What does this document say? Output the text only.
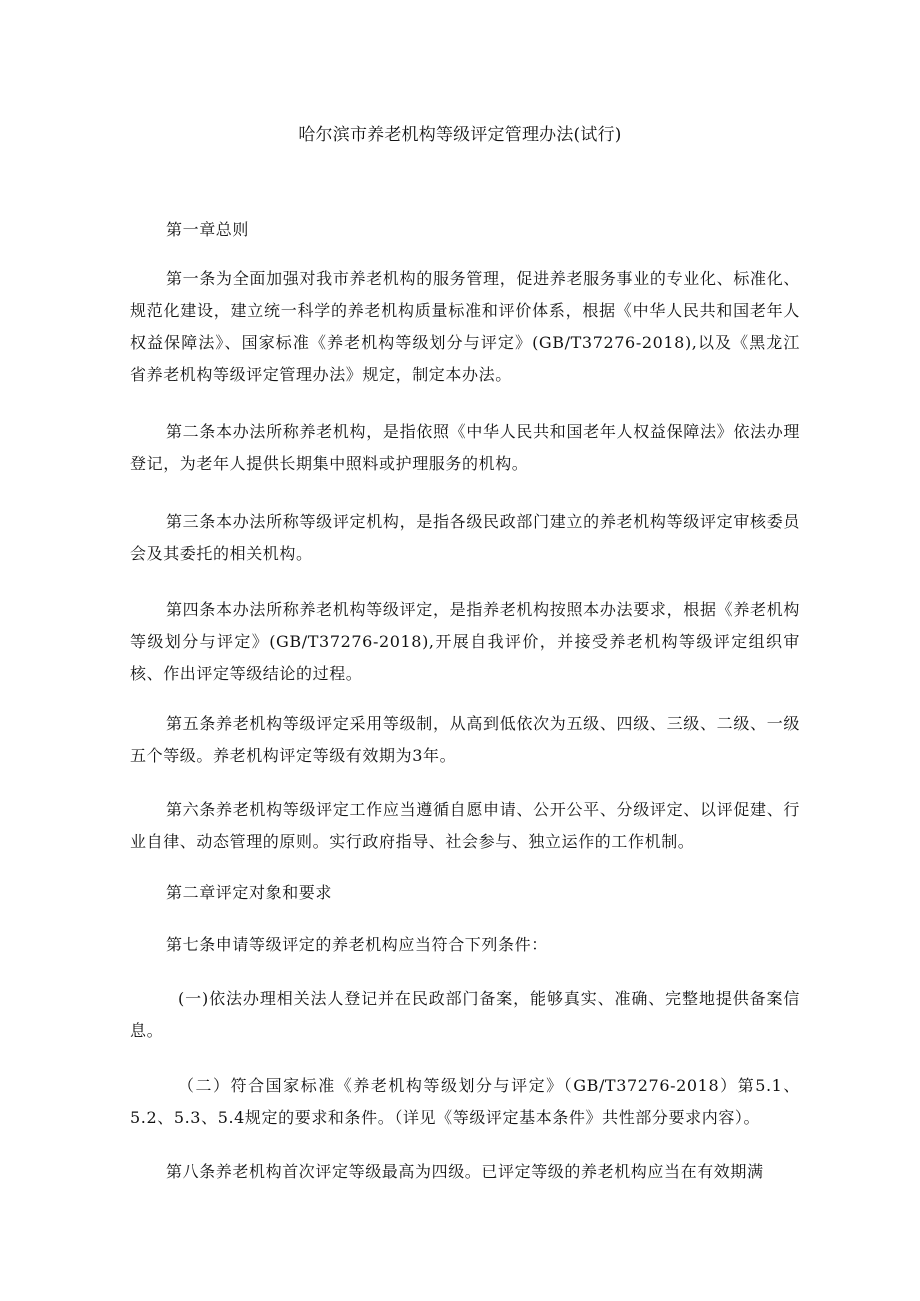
哈尔滨市养老机构等级评定管理办法(试行)

第一章总则

第一条为全面加强对我市养老机构的服务管理，促进养老服务事业的专业化、标准化、规范化建设，建立统一科学的养老机构质量标准和评价体系，根据《中华人民共和国老年人权益保障法》、国家标准《养老机构等级划分与评定》(GB/T37276-2018),以及《黑龙江省养老机构等级评定管理办法》规定，制定本办法。

第二条本办法所称养老机构，是指依照《中华人民共和国老年人权益保障法》依法办理登记，为老年人提供长期集中照料或护理服务的机构。

第三条本办法所称等级评定机构，是指各级民政部门建立的养老机构等级评定审核委员会及其委托的相关机构。

第四条本办法所称养老机构等级评定，是指养老机构按照本办法要求，根据《养老机构等级划分与评定》(GB/T37276-2018),开展自我评价，并接受养老机构等级评定组织审核、作出评定等级结论的过程。

第五条养老机构等级评定采用等级制，从高到低依次为五级、四级、三级、二级、一级五个等级。养老机构评定等级有效期为3年。

第六条养老机构等级评定工作应当遵循自愿申请、公开公平、分级评定、以评促建、行业自律、动态管理的原则。实行政府指导、社会参与、独立运作的工作机制。

第二章评定对象和要求

第七条申请等级评定的养老机构应当符合下列条件：

(一)依法办理相关法人登记并在民政部门备案，能够真实、准确、完整地提供备案信息。

（二）符合国家标准《养老机构等级划分与评定》（GB/T37276-2018）第5.1、5.2、5.3、5.4规定的要求和条件。（详见《等级评定基本条件》共性部分要求内容）。

第八条养老机构首次评定等级最高为四级。已评定等级的养老机构应当在有效期满
